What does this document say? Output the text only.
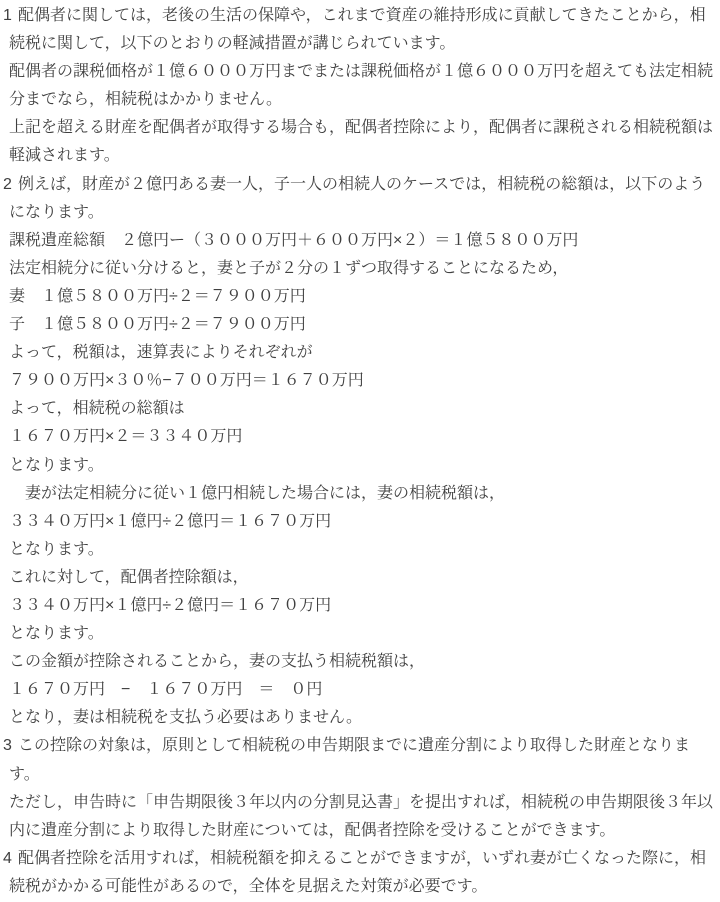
1 配偶者に関しては，老後の生活の保障や，これまで資産の維持形成に貢献してきたことから，相
続税に関して，以下のとおりの軽減措置が講じられています。
配偶者の課税価格が１億６０００万円までまたは課税価格が１億６０００万円を超えても法定相続
分までなら，相続税はかかりません。
上記を超える財産を配偶者が取得する場合も，配偶者控除により，配偶者に課税される相続税額は
軽減されます。
2 例えば，財産が２億円ある妻一人，子一人の相続人のケースでは，相続税の総額は，以下のよう
になります。
課税遺産総額　２億円ー（３０００万円＋６００万円×２）＝１億５８００万円
法定相続分に従い分けると，妻と子が２分の１ずつ取得することになるため，
妻　１億５８００万円÷２＝７９００万円
子　１億５８００万円÷２＝７９００万円
よって，税額は，速算表によりそれぞれが
７９００万円×３０％−７００万円＝１６７０万円
よって，相続税の総額は
１６７０万円×２＝３３４０万円
となります。
妻が法定相続分に従い１億円相続した場合には，妻の相続税額は，
３３４０万円×１億円÷２億円＝１６７０万円
となります。
これに対して，配偶者控除額は，
３３４０万円×１億円÷２億円＝１６７０万円
となります。
この金額が控除されることから，妻の支払う相続税額は，
１６７０万円　−　１６７０万円　＝　０円
となり，妻は相続税を支払う必要はありません。
3 この控除の対象は，原則として相続税の申告期限までに遺産分割により取得した財産となりま
す。
ただし，申告時に「申告期限後３年以内の分割見込書」を提出すれば，相続税の申告期限後３年以
内に遺産分割により取得した財産については，配偶者控除を受けることができます。
4 配偶者控除を活用すれば，相続税額を抑えることができますが，いずれ妻が亡くなった際に，相
続税がかかる可能性があるので，全体を見据えた対策が必要です。
